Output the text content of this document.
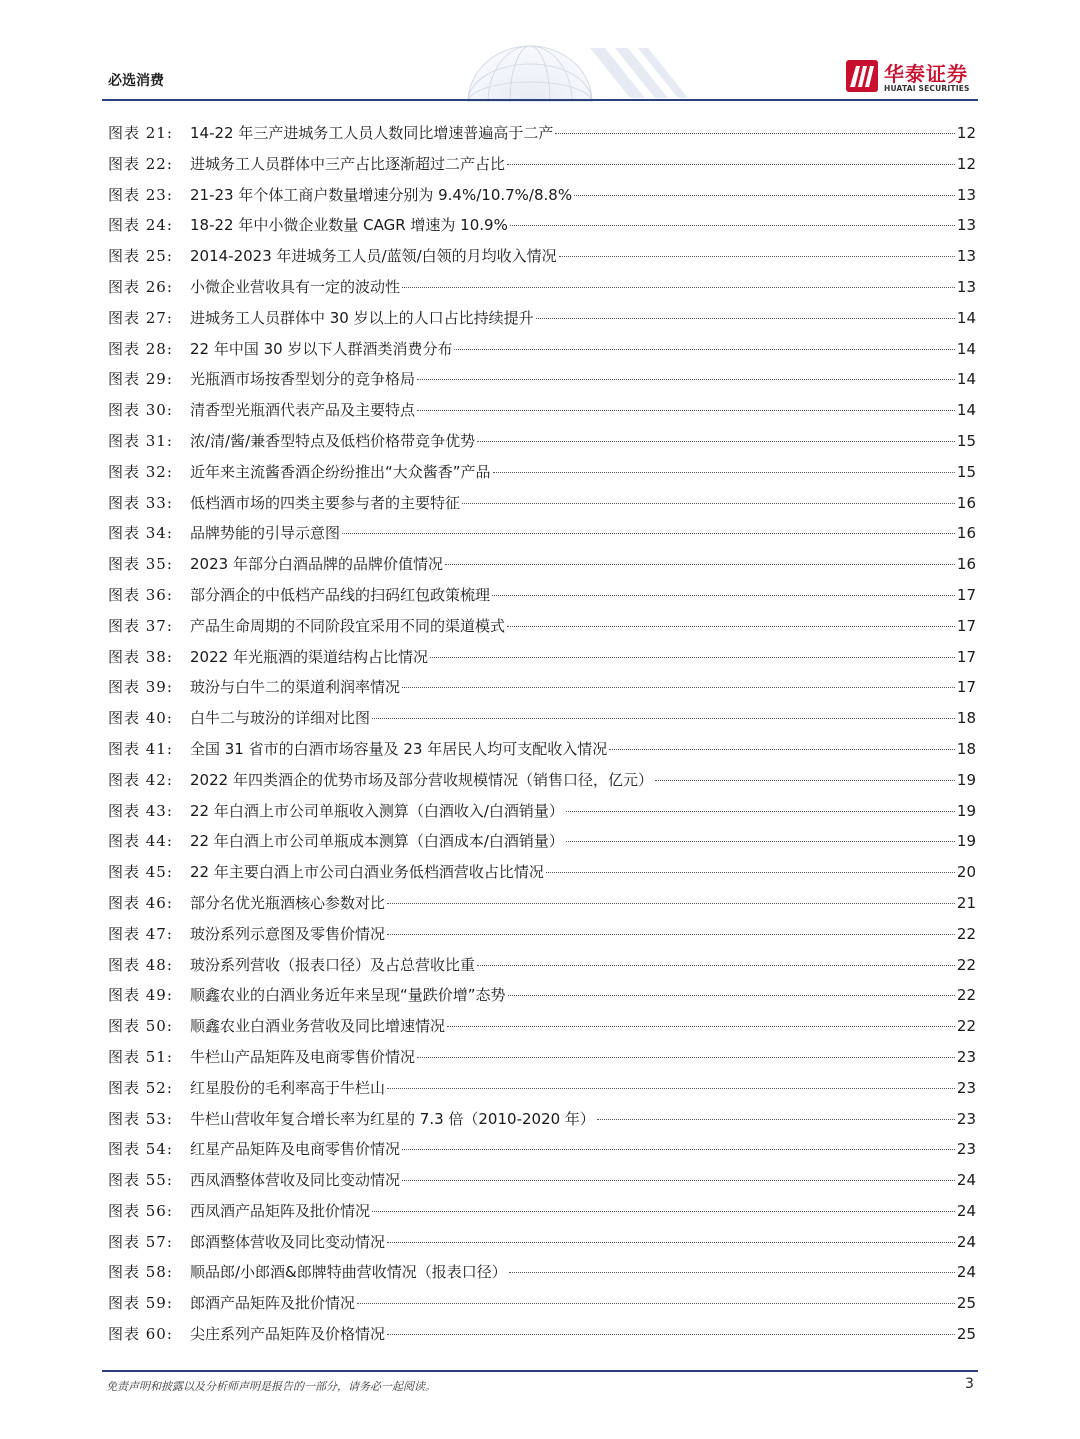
必选消费	华泰证券
HUATAI SECURITIES
图表 21:	14-22 年三产进城务工人员人数同比增速普遍高于二产	12
图表 22:	进城务工人员群体中三产占比逐渐超过二产占比	12
图表 23:	21-23 年个体工商户数量增速分别为 9.4%/10.7%/8.8%	13
图表 24:	18-22 年中小微企业数量 CAGR 增速为 10.9%	13
图表 25:	2014-2023 年进城务工人员/蓝领/白领的月均收入情况	13
图表 26:	小微企业营收具有一定的波动性	13
图表 27:	进城务工人员群体中 30 岁以上的人口占比持续提升	14
图表 28:	22 年中国 30 岁以下人群酒类消费分布	14
图表 29:	光瓶酒市场按香型划分的竞争格局	14
图表 30:	清香型光瓶酒代表产品及主要特点	14
图表 31:	浓/清/酱/兼香型特点及低档价格带竞争优势	15
图表 32:	近年来主流酱香酒企纷纷推出“大众酱香”产品	15
图表 33:	低档酒市场的四类主要参与者的主要特征	16
图表 34:	品牌势能的引导示意图	16
图表 35:	2023 年部分白酒品牌的品牌价值情况	16
图表 36:	部分酒企的中低档产品线的扫码红包政策梳理	17
图表 37:	产品生命周期的不同阶段宜采用不同的渠道模式	17
图表 38:	2022 年光瓶酒的渠道结构占比情况	17
图表 39:	玻汾与白牛二的渠道利润率情况	17
图表 40:	白牛二与玻汾的详细对比图	18
图表 41:	全国 31 省市的白酒市场容量及 23 年居民人均可支配收入情况	18
图表 42:	2022 年四类酒企的优势市场及部分营收规模情况（销售口径，亿元）	19
图表 43:	22 年白酒上市公司单瓶收入测算（白酒收入/白酒销量）	19
图表 44:	22 年白酒上市公司单瓶成本测算（白酒成本/白酒销量）	19
图表 45:	22 年主要白酒上市公司白酒业务低档酒营收占比情况	20
图表 46:	部分名优光瓶酒核心参数对比	21
图表 47:	玻汾系列示意图及零售价情况	22
图表 48:	玻汾系列营收（报表口径）及占总营收比重	22
图表 49:	顺鑫农业的白酒业务近年来呈现“量跌价增”态势	22
图表 50:	顺鑫农业白酒业务营收及同比增速情况	22
图表 51:	牛栏山产品矩阵及电商零售价情况	23
图表 52:	红星股份的毛利率高于牛栏山	23
图表 53:	牛栏山营收年复合增长率为红星的 7.3 倍（2010-2020 年）	23
图表 54:	红星产品矩阵及电商零售价情况	23
图表 55:	西凤酒整体营收及同比变动情况	24
图表 56:	西凤酒产品矩阵及批价情况	24
图表 57:	郎酒整体营收及同比变动情况	24
图表 58:	顺品郎/小郎酒&郎牌特曲营收情况（报表口径）	24
图表 59:	郎酒产品矩阵及批价情况	25
图表 60:	尖庄系列产品矩阵及价格情况	25
免责声明和披露以及分析师声明是报告的一部分，请务必一起阅读。	3
